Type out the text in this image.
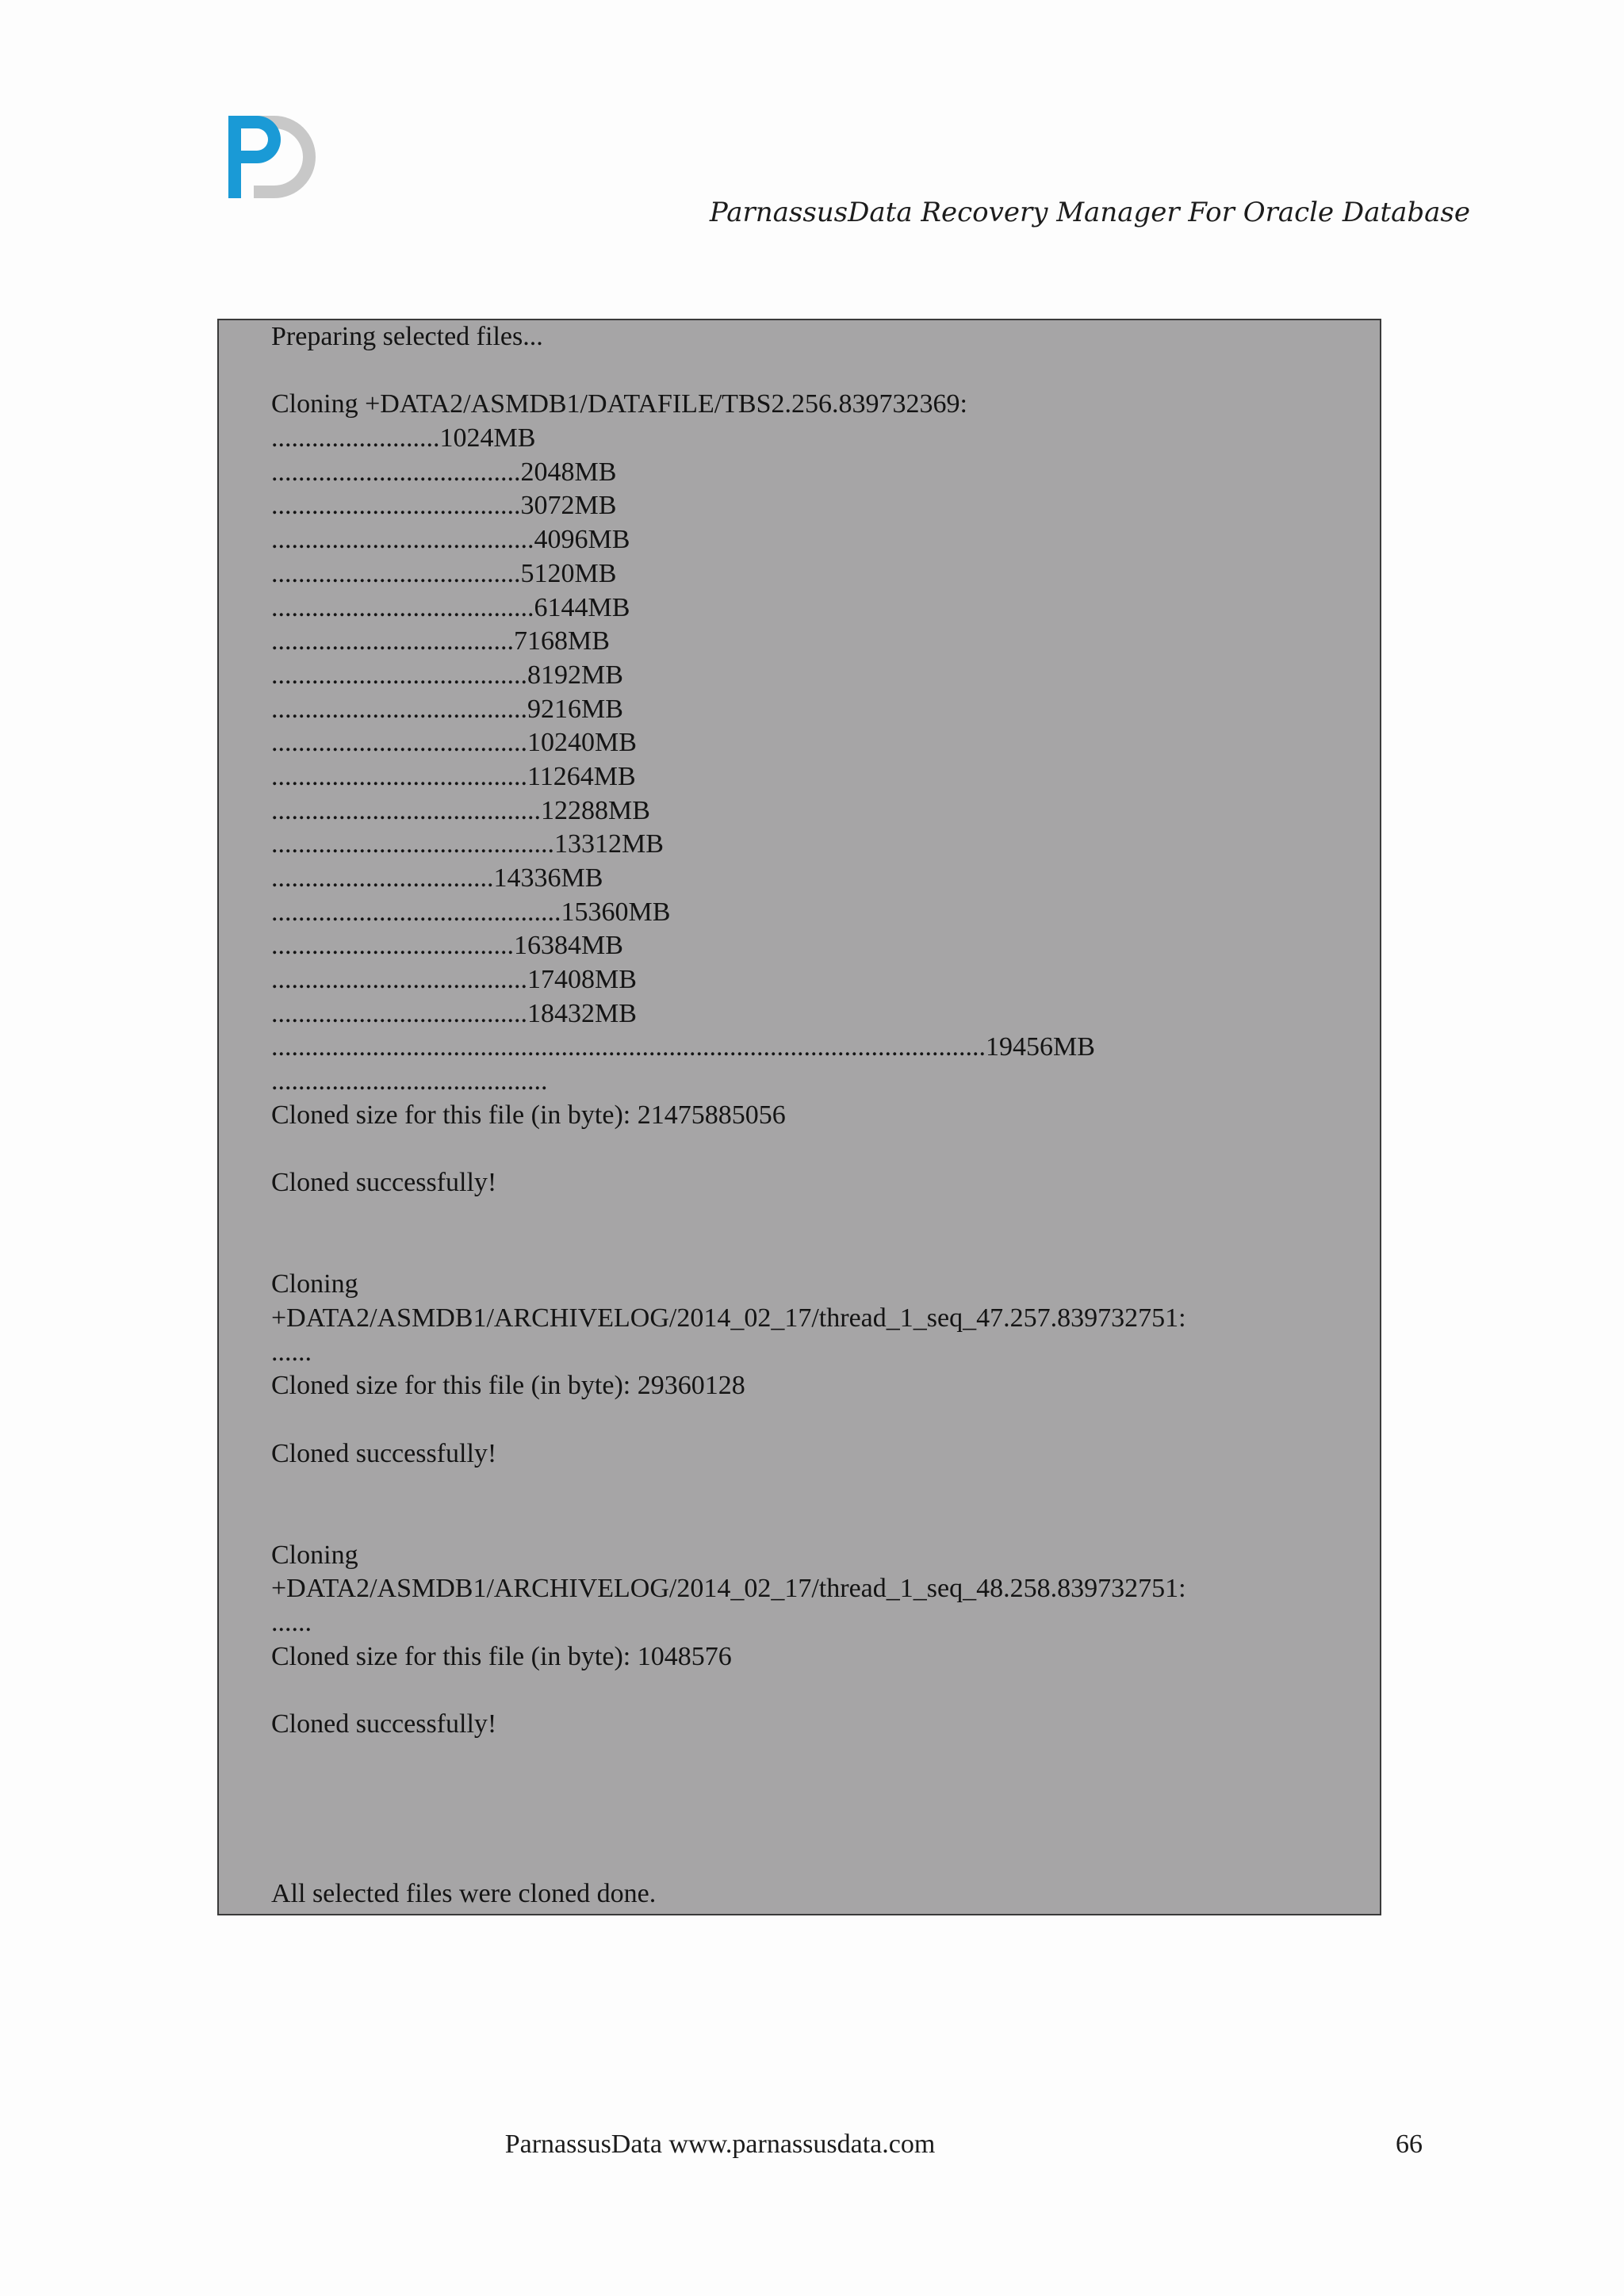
ParnassusData Recovery Manager For Oracle Database
Preparing selected files...
Cloning +DATA2/ASMDB1/DATAFILE/TBS2.256.839732369:
.........................1024MB
.....................................2048MB
.....................................3072MB
.......................................4096MB
.....................................5120MB
.......................................6144MB
....................................7168MB
......................................8192MB
......................................9216MB
......................................10240MB
......................................11264MB
........................................12288MB
..........................................13312MB
.................................14336MB
...........................................15360MB
....................................16384MB
......................................17408MB
......................................18432MB
..........................................................................................................19456MB
.........................................
Cloned size for this file (in byte): 21475885056
Cloned successfully!
Cloning
+DATA2/ASMDB1/ARCHIVELOG/2014_02_17/thread_1_seq_47.257.839732751:
......
Cloned size for this file (in byte): 29360128
Cloned successfully!
Cloning
+DATA2/ASMDB1/ARCHIVELOG/2014_02_17/thread_1_seq_48.258.839732751:
......
Cloned size for this file (in byte): 1048576
Cloned successfully!
All selected files were cloned done.
ParnassusData www.parnassusdata.com	66
